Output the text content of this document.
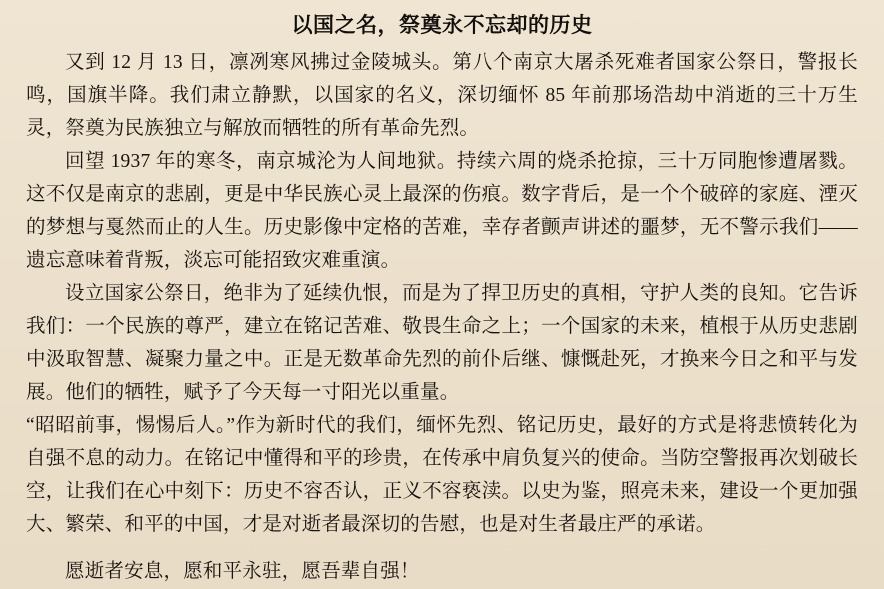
以国之名，祭奠永不忘却的历史

又到 12 月 13 日，凛冽寒风拂过金陵城头。第八个南京大屠杀死难者国家公祭日，警报长鸣，国旗半降。我们肃立静默，以国家的名义，深切缅怀 85 年前那场浩劫中消逝的三十万生灵，祭奠为民族独立与解放而牺牲的所有革命先烈。

回望 1937 年的寒冬，南京城沦为人间地狱。持续六周的烧杀抢掠，三十万同胞惨遭屠戮。这不仅是南京的悲剧，更是中华民族心灵上最深的伤痕。数字背后，是一个个破碎的家庭、湮灭的梦想与戛然而止的人生。历史影像中定格的苦难，幸存者颤声讲述的噩梦，无不警示我们——遗忘意味着背叛，淡忘可能招致灾难重演。

设立国家公祭日，绝非为了延续仇恨，而是为了捍卫历史的真相，守护人类的良知。它告诉我们：一个民族的尊严，建立在铭记苦难、敬畏生命之上；一个国家的未来，植根于从历史悲剧中汲取智慧、凝聚力量之中。正是无数革命先烈的前仆后继、慷慨赴死，才换来今日之和平与发展。他们的牺牲，赋予了今天每一寸阳光以重量。

“昭昭前事，惕惕后人。”作为新时代的我们，缅怀先烈、铭记历史，最好的方式是将悲愤转化为自强不息的动力。在铭记中懂得和平的珍贵，在传承中肩负复兴的使命。当防空警报再次划破长空，让我们在心中刻下：历史不容否认，正义不容亵渎。以史为鉴，照亮未来，建设一个更加强大、繁荣、和平的中国，才是对逝者最深切的告慰，也是对生者最庄严的承诺。

愿逝者安息，愿和平永驻，愿吾辈自强！
